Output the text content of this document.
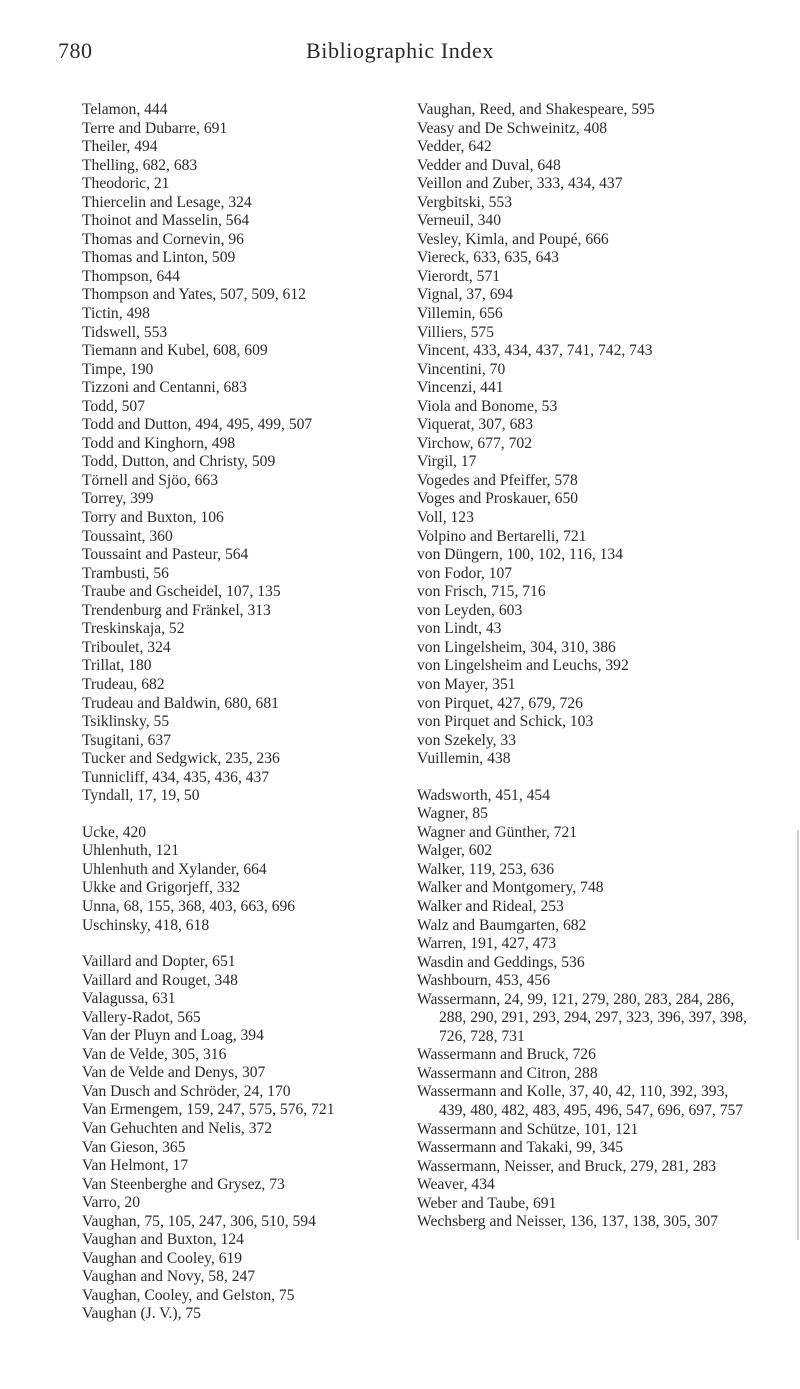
780	Bibliographic Index
Telamon, 444
Terre and Dubarre, 691
Theiler, 494
Thelling, 682, 683
Theodoric, 21
Thiercelin and Lesage, 324
Thoinot and Masselin, 564
Thomas and Cornevin, 96
Thomas and Linton, 509
Thompson, 644
Thompson and Yates, 507, 509, 612
Tictin, 498
Tidswell, 553
Tiemann and Kubel, 608, 609
Timpe, 190
Tizzoni and Centanni, 683
Todd, 507
Todd and Dutton, 494, 495, 499, 507
Todd and Kinghorn, 498
Todd, Dutton, and Christy, 509
Törnell and Sjöo, 663
Torrey, 399
Torry and Buxton, 106
Toussaint, 360
Toussaint and Pasteur, 564
Trambusti, 56
Traube and Gscheidel, 107, 135
Trendenburg and Fränkel, 313
Treskinskaja, 52
Triboulet, 324
Trillat, 180
Trudeau, 682
Trudeau and Baldwin, 680, 681
Tsiklinsky, 55
Tsugitani, 637
Tucker and Sedgwick, 235, 236
Tunnicliff, 434, 435, 436, 437
Tyndall, 17, 19, 50
Ucke, 420
Uhlenhuth, 121
Uhlenhuth and Xylander, 664
Ukke and Grigorjeff, 332
Unna, 68, 155, 368, 403, 663, 696
Uschinsky, 418, 618
Vaillard and Dopter, 651
Vaillard and Rouget, 348
Valagussa, 631
Vallery-Radot, 565
Van der Pluyn and Loag, 394
Van de Velde, 305, 316
Van de Velde and Denys, 307
Van Dusch and Schröder, 24, 170
Van Ermengem, 159, 247, 575, 576, 721
Van Gehuchten and Nelis, 372
Van Gieson, 365
Van Helmont, 17
Van Steenberghe and Grysez, 73
Varro, 20
Vaughan, 75, 105, 247, 306, 510, 594
Vaughan and Buxton, 124
Vaughan and Cooley, 619
Vaughan and Novy, 58, 247
Vaughan, Cooley, and Gelston, 75
Vaughan (J. V.), 75
Vaughan, Reed, and Shakespeare, 595
Veasy and De Schweinitz, 408
Vedder, 642
Vedder and Duval, 648
Veillon and Zuber, 333, 434, 437
Vergbitski, 553
Verneuil, 340
Vesley, Kimla, and Poupé, 666
Viereck, 633, 635, 643
Vierordt, 571
Vignal, 37, 694
Villemin, 656
Villiers, 575
Vincent, 433, 434, 437, 741, 742, 743
Vincentini, 70
Vincenzi, 441
Viola and Bonome, 53
Viquerat, 307, 683
Virchow, 677, 702
Virgil, 17
Vogedes and Pfeiffer, 578
Voges and Proskauer, 650
Voll, 123
Volpino and Bertarelli, 721
von Düngern, 100, 102, 116, 134
von Fodor, 107
von Frisch, 715, 716
von Leyden, 603
von Lindt, 43
von Lingelsheim, 304, 310, 386
von Lingelsheim and Leuchs, 392
von Mayer, 351
von Pirquet, 427, 679, 726
von Pirquet and Schick, 103
von Szekely, 33
Vuillemin, 438
Wadsworth, 451, 454
Wagner, 85
Wagner and Günther, 721
Walger, 602
Walker, 119, 253, 636
Walker and Montgomery, 748
Walker and Rideal, 253
Walz and Baumgarten, 682
Warren, 191, 427, 473
Wasdin and Geddings, 536
Washbourn, 453, 456
Wassermann, 24, 99, 121, 279, 280, 283, 284, 286, 288, 290, 291, 293, 294, 297, 323, 396, 397, 398, 726, 728, 731
Wassermann and Bruck, 726
Wassermann and Citron, 288
Wassermann and Kolle, 37, 40, 42, 110, 392, 393, 439, 480, 482, 483, 495, 496, 547, 696, 697, 757
Wassermann and Schütze, 101, 121
Wassermann and Takaki, 99, 345
Wassermann, Neisser, and Bruck, 279, 281, 283
Weaver, 434
Weber and Taube, 691
Wechsberg and Neisser, 136, 137, 138, 305, 307
